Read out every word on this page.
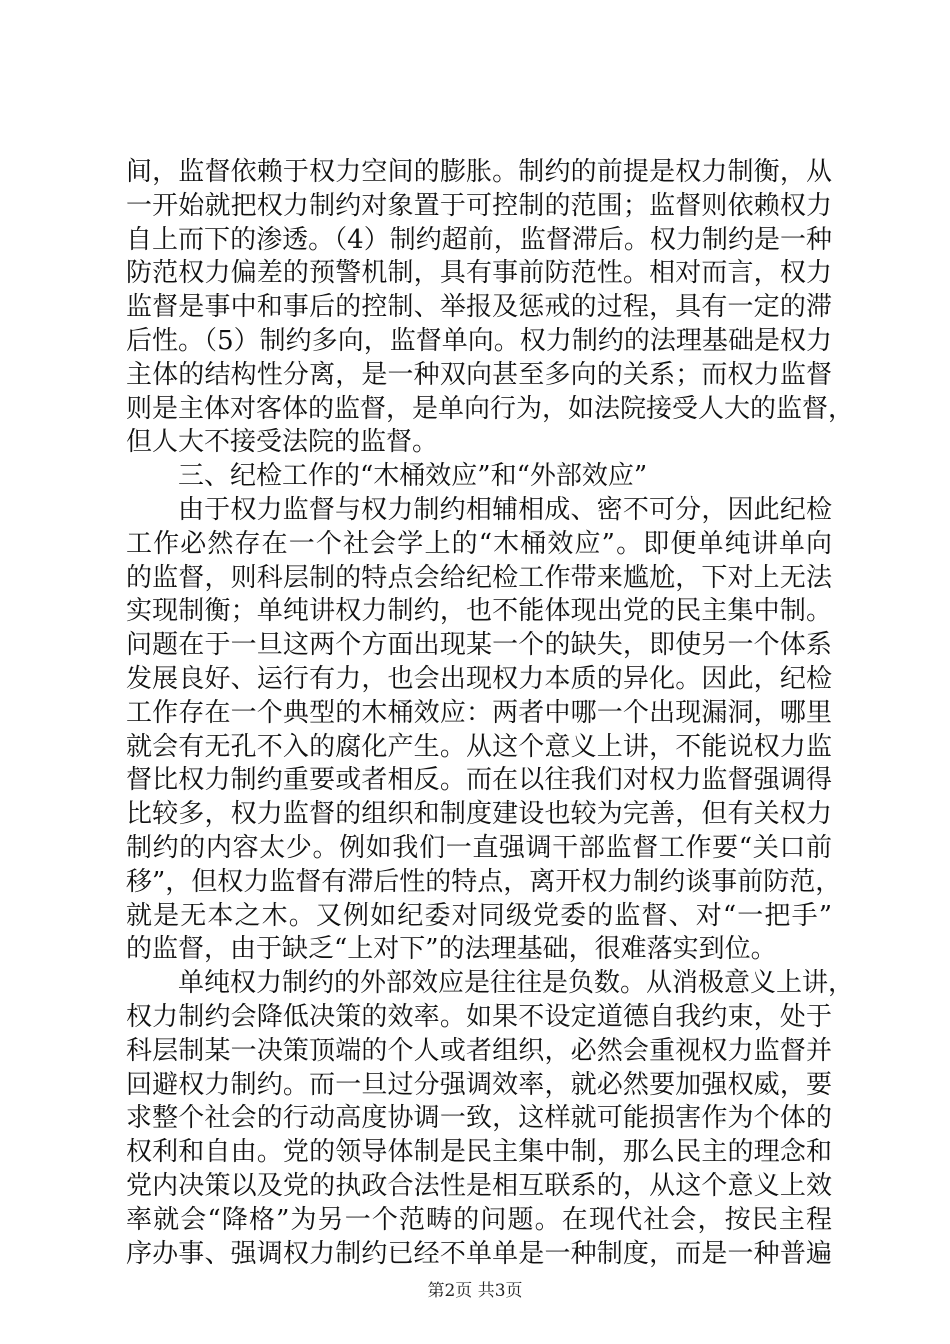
间，监督依赖于权力空间的膨胀。制约的前提是权力制衡，从
一开始就把权力制约对象置于可控制的范围；监督则依赖权力
自上而下的渗透。（4）制约超前，监督滞后。权力制约是一种
防范权力偏差的预警机制，具有事前防范性。相对而言，权力
监督是事中和事后的控制、举报及惩戒的过程，具有一定的滞
后性。（5）制约多向，监督单向。权力制约的法理基础是权力
主体的结构性分离，是一种双向甚至多向的关系；而权力监督
则是主体对客体的监督，是单向行为，如法院接受人大的监督，
但人大不接受法院的监督。
三、纪检工作的“木桶效应”和“外部效应”
由于权力监督与权力制约相辅相成、密不可分，因此纪检
工作必然存在一个社会学上的“木桶效应”。即便单纯讲单向
的监督，则科层制的特点会给纪检工作带来尴尬，下对上无法
实现制衡；单纯讲权力制约，也不能体现出党的民主集中制。
问题在于一旦这两个方面出现某一个的缺失，即使另一个体系
发展良好、运行有力，也会出现权力本质的异化。因此，纪检
工作存在一个典型的木桶效应：两者中哪一个出现漏洞，哪里
就会有无孔不入的腐化产生。从这个意义上讲，不能说权力监
督比权力制约重要或者相反。而在以往我们对权力监督强调得
比较多，权力监督的组织和制度建设也较为完善，但有关权力
制约的内容太少。例如我们一直强调干部监督工作要“关口前
移”，但权力监督有滞后性的特点，离开权力制约谈事前防范，
就是无本之木。又例如纪委对同级党委的监督、对“一把手”
的监督，由于缺乏“上对下”的法理基础，很难落实到位。
单纯权力制约的外部效应是往往是负数。从消极意义上讲，
权力制约会降低决策的效率。如果不设定道德自我约束，处于
科层制某一决策顶端的个人或者组织，必然会重视权力监督并
回避权力制约。而一旦过分强调效率，就必然要加强权威，要
求整个社会的行动高度协调一致，这样就可能损害作为个体的
权利和自由。党的领导体制是民主集中制，那么民主的理念和
党内决策以及党的执政合法性是相互联系的，从这个意义上效
率就会“降格”为另一个范畴的问题。在现代社会，按民主程
序办事、强调权力制约已经不单单是一种制度，而是一种普遍
第2页 共3页
